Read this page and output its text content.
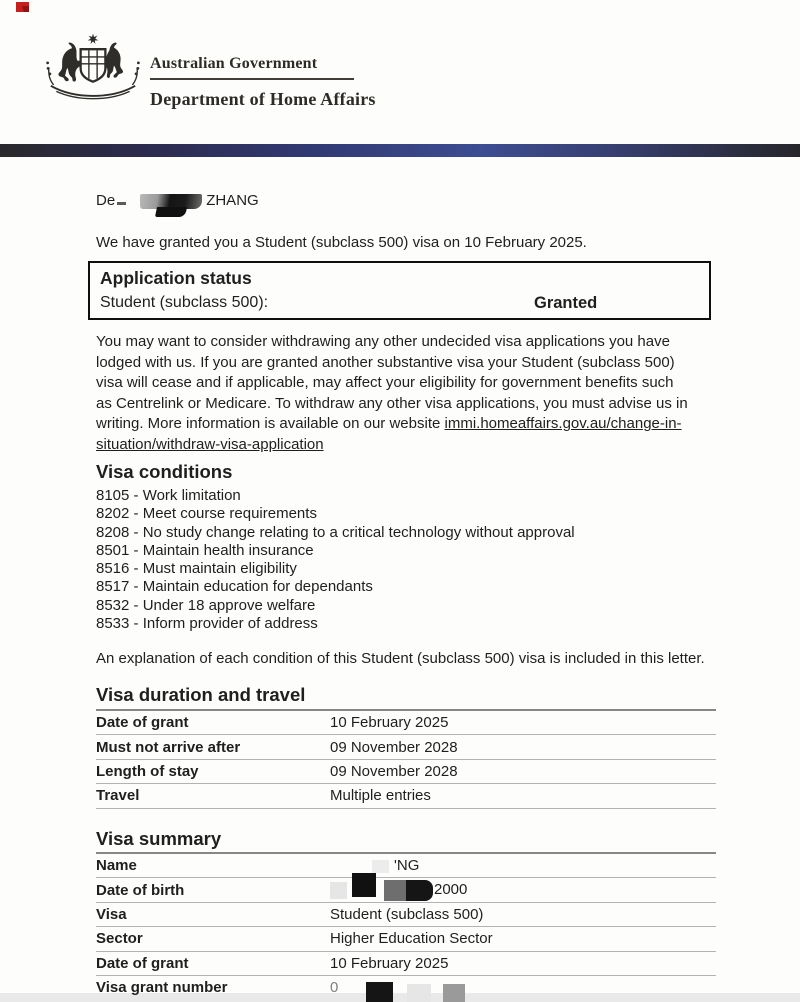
Australian Government
Department of Home Affairs
De	ZHANG
We have granted you a Student (subclass 500) visa on 10 February 2025.
Application status
Student (subclass 500):	Granted
You may want to consider withdrawing any other undecided visa applications you have
lodged with us. If you are granted another substantive visa your Student (subclass 500)
visa will cease and if applicable, may affect your eligibility for government benefits such
as Centrelink or Medicare. To withdraw any other visa applications, you must advise us in
writing. More information is available on our website immi.homeaffairs.gov.au/change-in-
situation/withdraw-visa-application
Visa conditions
8105 - Work limitation
8202 - Meet course requirements
8208 - No study change relating to a critical technology without approval
8501 - Maintain health insurance
8516 - Must maintain eligibility
8517 - Maintain education for dependants
8532 - Under 18 approve welfare
8533 - Inform provider of address
An explanation of each condition of this Student (subclass 500) visa is included in this letter.
Visa duration and travel
Date of grant	10 February 2025
Must not arrive after	09 November 2028
Length of stay	09 November 2028
Travel	Multiple entries
Visa summary
Name	'NG
Date of birth	2000
Visa	Student (subclass 500)
Sector	Higher Education Sector
Date of grant	10 February 2025
Visa grant number	0
